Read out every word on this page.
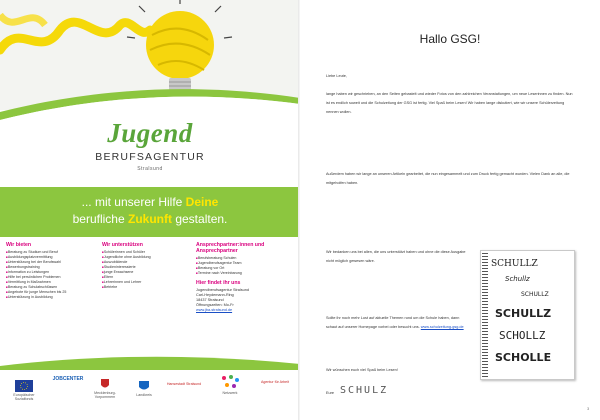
Jugend
BERUFSAGENTUR
Stralsund
... mit unserer Hilfe Deine
berufliche Zukunft gestalten.
Wir bieten
■ Beratung zu Studium und Beruf
■ Ausbildungsplatzvermittlung
■ Unterstützung bei der Berufswahl
■ Bewerbungstraining
■ Information zu Leistungen
■ Hilfe bei persönlichen Problemen
■ Vermittlung in Maßnahmen
■ Beratung zu Schulabschlüssen
■ Angebote für junge Menschen bis 25
■ Unterstützung in Ausbildung
Wir unterstützen
■ Schülerinnen und Schüler
■ Jugendliche ohne Ausbildung
■ Auszubildende
■ Studieninteressierte
■ junge Erwachsene
■ Eltern
■ Lehrerinnen und Lehrer
■ Betriebe
Ansprechpartner:innen und Ansprechpartner
■ Berufsberatung Schulen
■ Jugendberufsagentur Team
■ Beratung vor Ort
■ Termine nach Vereinbarung
Hier findet ihr uns
Jugendberufsagentur Stralsund
Carl-Heydemann-Ring
18437 Stralsund
Öffnungszeiten: Mo-Fr
www.jba-stralsund.de
Europäischer Sozialfonds
JOBCENTER
Mecklenburg-Vorpommern	Landkreis
Hansestadt Stralsund
Netzwerk
Agentur für Arbeit
Hallo GSG!
Liebe Leute,
lange haben wir geschrieben, an den Seiten gebastelt und wieder Fotos von den zahlreichen Veranstaltungen, um neue Leserinnen zu finden. Nun ist es endlich soweit und die Schulzeitung der GSG ist fertig. Viel Spaß beim Lesen! Wir haben lange diskutiert, wie wir unsere Schülerzeitung nennen wollen.
Außerdem haben wir lange an unseren Artikeln gearbeitet, die nun eingesammelt und zum Druck fertig gemacht wurden. Vielen Dank an alle, die mitgeholfen haben.
Wir bedanken uns bei allen, die uns unterstützt haben und ohne die diese Ausgabe nicht möglich gewesen wäre.
Sollte ihr noch mehr Lust auf aktuelle Themen rund um die Schule haben, dann schaut auf unserer Homepage vorbei oder besucht uns. www.schulzeitung-gsg.de
Wir wünschen euch viel Spaß beim Lesen!
Eure SCHULZ
SCHULLZ
Schullz
SCHULLZ
SCHULLZ
SCHOLLZ
SCHOLLE
3
